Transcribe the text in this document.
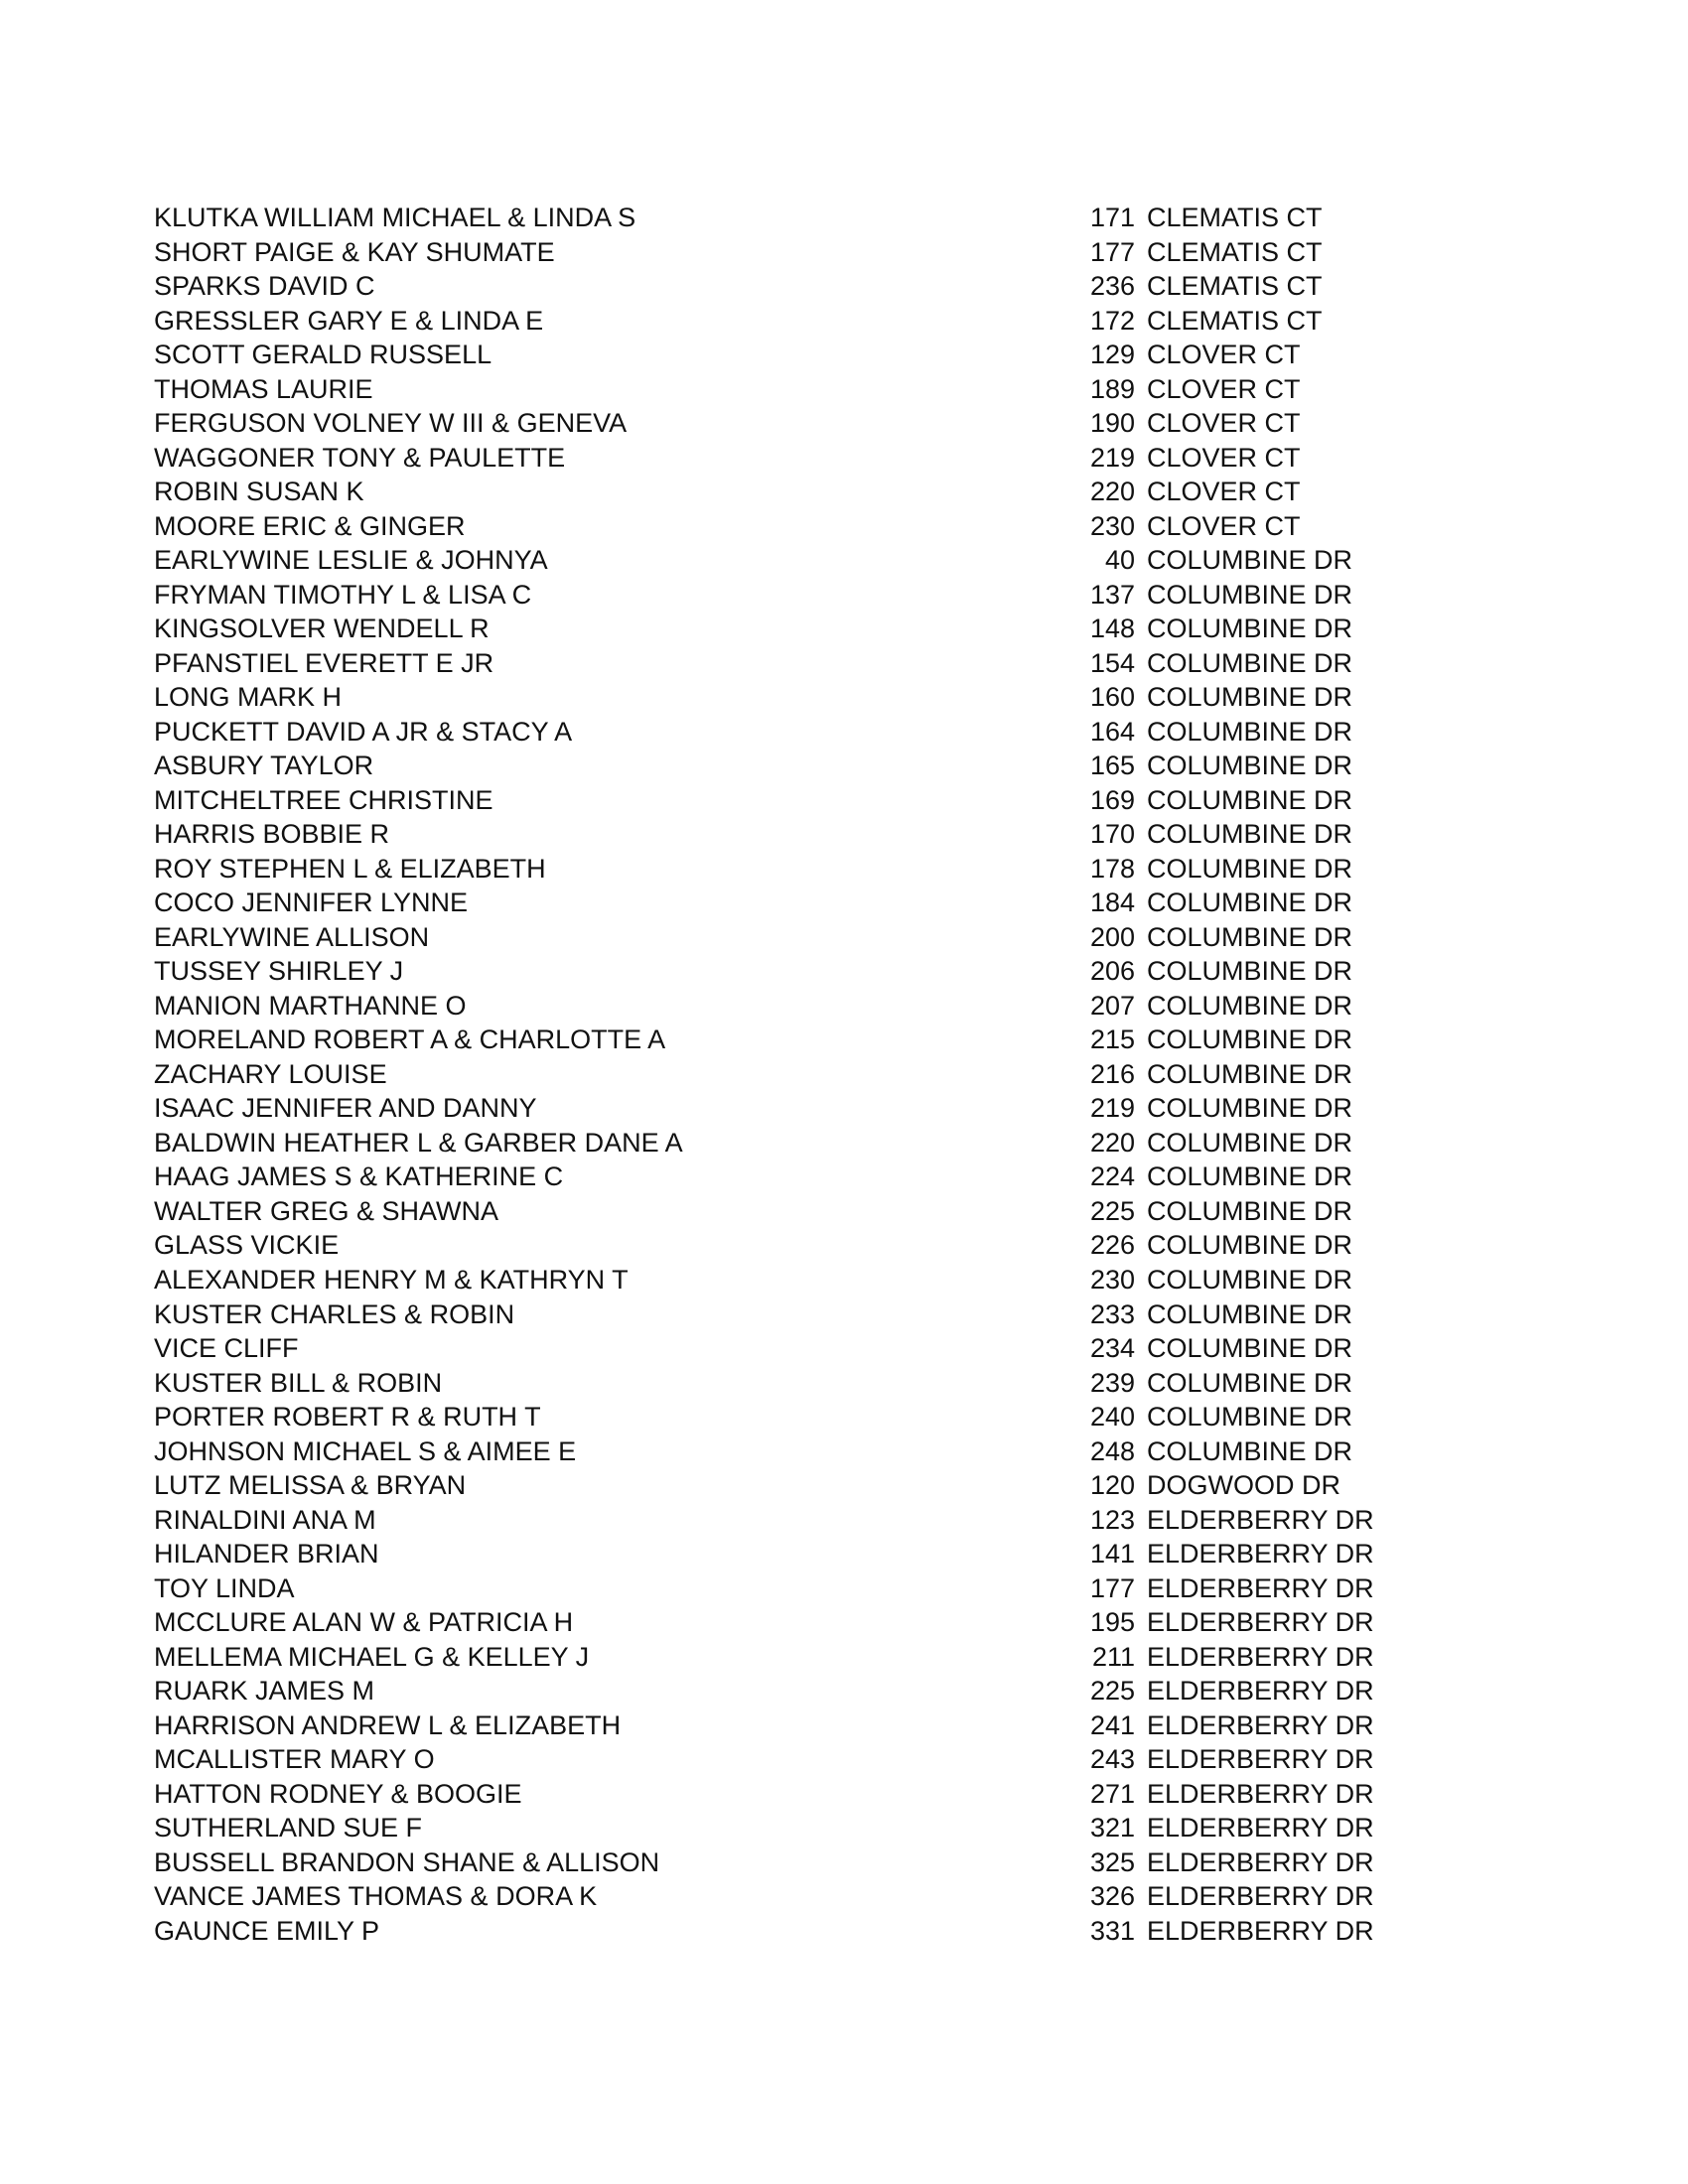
KLUTKA WILLIAM MICHAEL & LINDA S	171 CLEMATIS CT
SHORT PAIGE & KAY SHUMATE	177 CLEMATIS CT
SPARKS DAVID C	236 CLEMATIS CT
GRESSLER GARY E & LINDA E	172 CLEMATIS CT
SCOTT GERALD RUSSELL	129 CLOVER CT
THOMAS LAURIE	189 CLOVER CT
FERGUSON VOLNEY W III & GENEVA	190 CLOVER CT
WAGGONER TONY & PAULETTE	219 CLOVER CT
ROBIN SUSAN K	220 CLOVER CT
MOORE ERIC & GINGER	230 CLOVER CT
EARLYWINE LESLIE & JOHNYA	40 COLUMBINE DR
FRYMAN TIMOTHY L & LISA C	137 COLUMBINE DR
KINGSOLVER WENDELL R	148 COLUMBINE DR
PFANSTIEL EVERETT E JR	154 COLUMBINE DR
LONG MARK H	160 COLUMBINE DR
PUCKETT DAVID A JR & STACY A	164 COLUMBINE DR
ASBURY TAYLOR	165 COLUMBINE DR
MITCHELTREE CHRISTINE	169 COLUMBINE DR
HARRIS BOBBIE R	170 COLUMBINE DR
ROY STEPHEN L & ELIZABETH	178 COLUMBINE DR
COCO JENNIFER LYNNE	184 COLUMBINE DR
EARLYWINE ALLISON	200 COLUMBINE DR
TUSSEY SHIRLEY J	206 COLUMBINE DR
MANION MARTHANNE O	207 COLUMBINE DR
MORELAND ROBERT A & CHARLOTTE A	215 COLUMBINE DR
ZACHARY LOUISE	216 COLUMBINE DR
ISAAC JENNIFER AND DANNY	219 COLUMBINE DR
BALDWIN HEATHER L & GARBER DANE A	220 COLUMBINE DR
HAAG JAMES S & KATHERINE C	224 COLUMBINE DR
WALTER GREG & SHAWNA	225 COLUMBINE DR
GLASS VICKIE	226 COLUMBINE DR
ALEXANDER HENRY M & KATHRYN T	230 COLUMBINE DR
KUSTER CHARLES & ROBIN	233 COLUMBINE DR
VICE CLIFF	234 COLUMBINE DR
KUSTER BILL & ROBIN	239 COLUMBINE DR
PORTER ROBERT R & RUTH T	240 COLUMBINE DR
JOHNSON MICHAEL S & AIMEE E	248 COLUMBINE DR
LUTZ MELISSA & BRYAN	120 DOGWOOD DR
RINALDINI ANA M	123 ELDERBERRY DR
HILANDER BRIAN	141 ELDERBERRY DR
TOY LINDA	177 ELDERBERRY DR
MCCLURE ALAN W & PATRICIA H	195 ELDERBERRY DR
MELLEMA MICHAEL G & KELLEY J	211 ELDERBERRY DR
RUARK JAMES M	225 ELDERBERRY DR
HARRISON ANDREW L & ELIZABETH	241 ELDERBERRY DR
MCALLISTER MARY O	243 ELDERBERRY DR
HATTON RODNEY & BOOGIE	271 ELDERBERRY DR
SUTHERLAND SUE F	321 ELDERBERRY DR
BUSSELL BRANDON SHANE & ALLISON	325 ELDERBERRY DR
VANCE JAMES THOMAS & DORA K	326 ELDERBERRY DR
GAUNCE EMILY P	331 ELDERBERRY DR
